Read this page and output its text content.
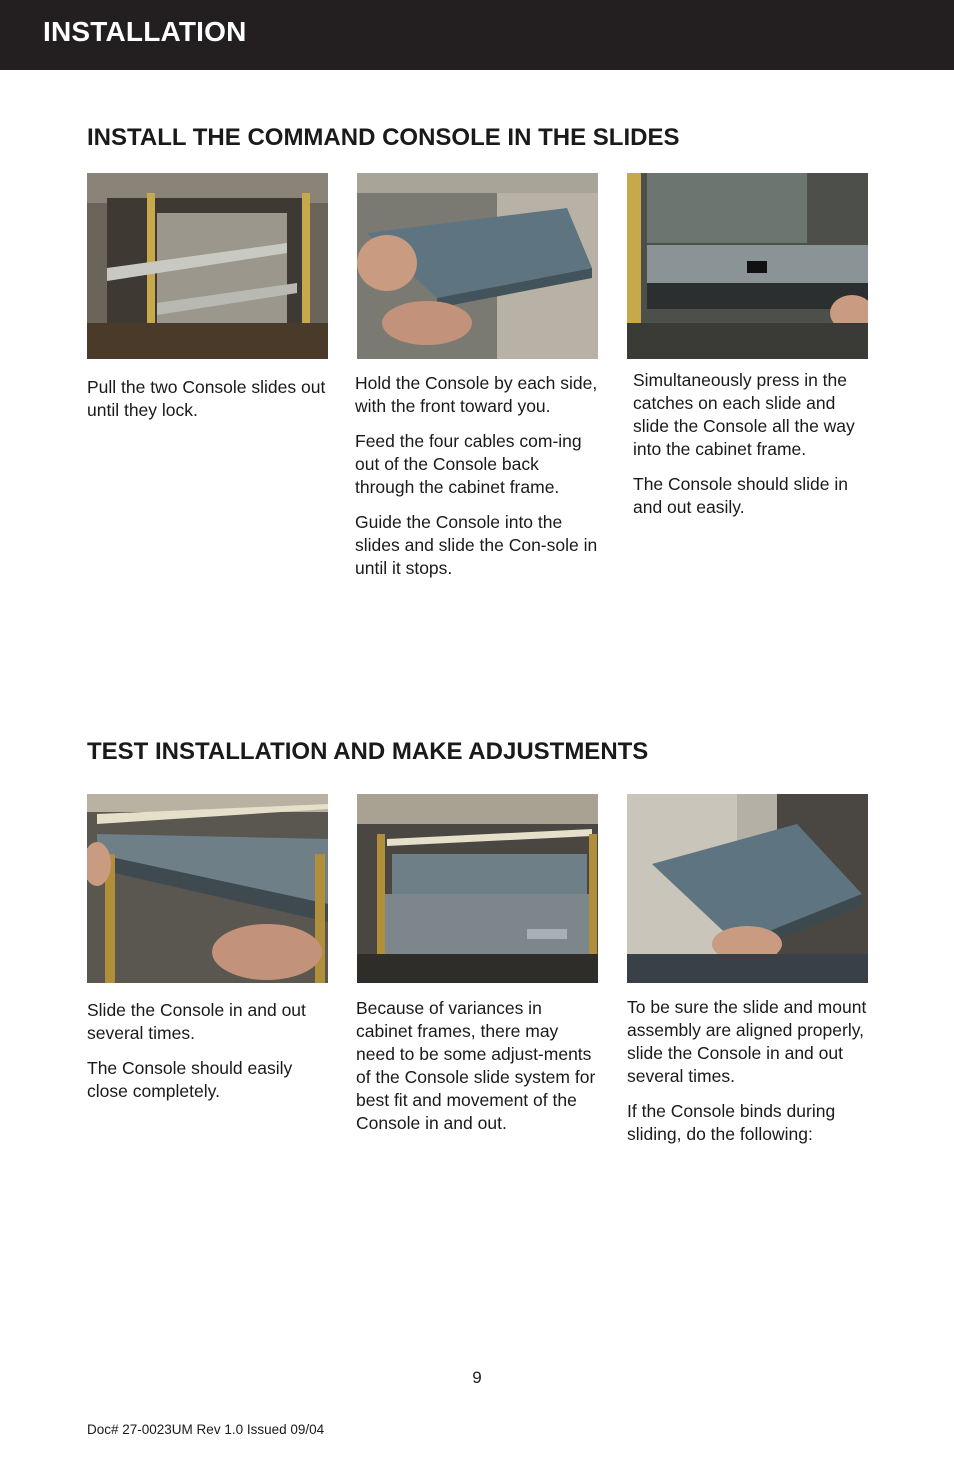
INSTALLATION
INSTALL THE COMMAND CONSOLE IN THE SLIDES

Pull the two Console slides out until they lock.

Hold the Console by each side, with the front toward you.

Feed the four cables com-ing out of the Console back through the cabinet frame.

Guide the Console into the slides and slide the Con-sole in until it stops.

Simultaneously press in the catches on each slide and slide the Console all the way into the cabinet frame.

The Console should slide in and out easily.

TEST INSTALLATION AND MAKE ADJUSTMENTS

Slide the Console in and out several times.

The Console should easily close completely.

Because of variances in cabinet frames, there may need to be some adjust-ments of the Console slide system for best fit and movement of the Console in and out.

To be sure the slide and mount assembly are aligned properly, slide the Console in and out several times.

If the Console binds during sliding, do the following:

9
Doc# 27-0023UM Rev 1.0 Issued 09/04
